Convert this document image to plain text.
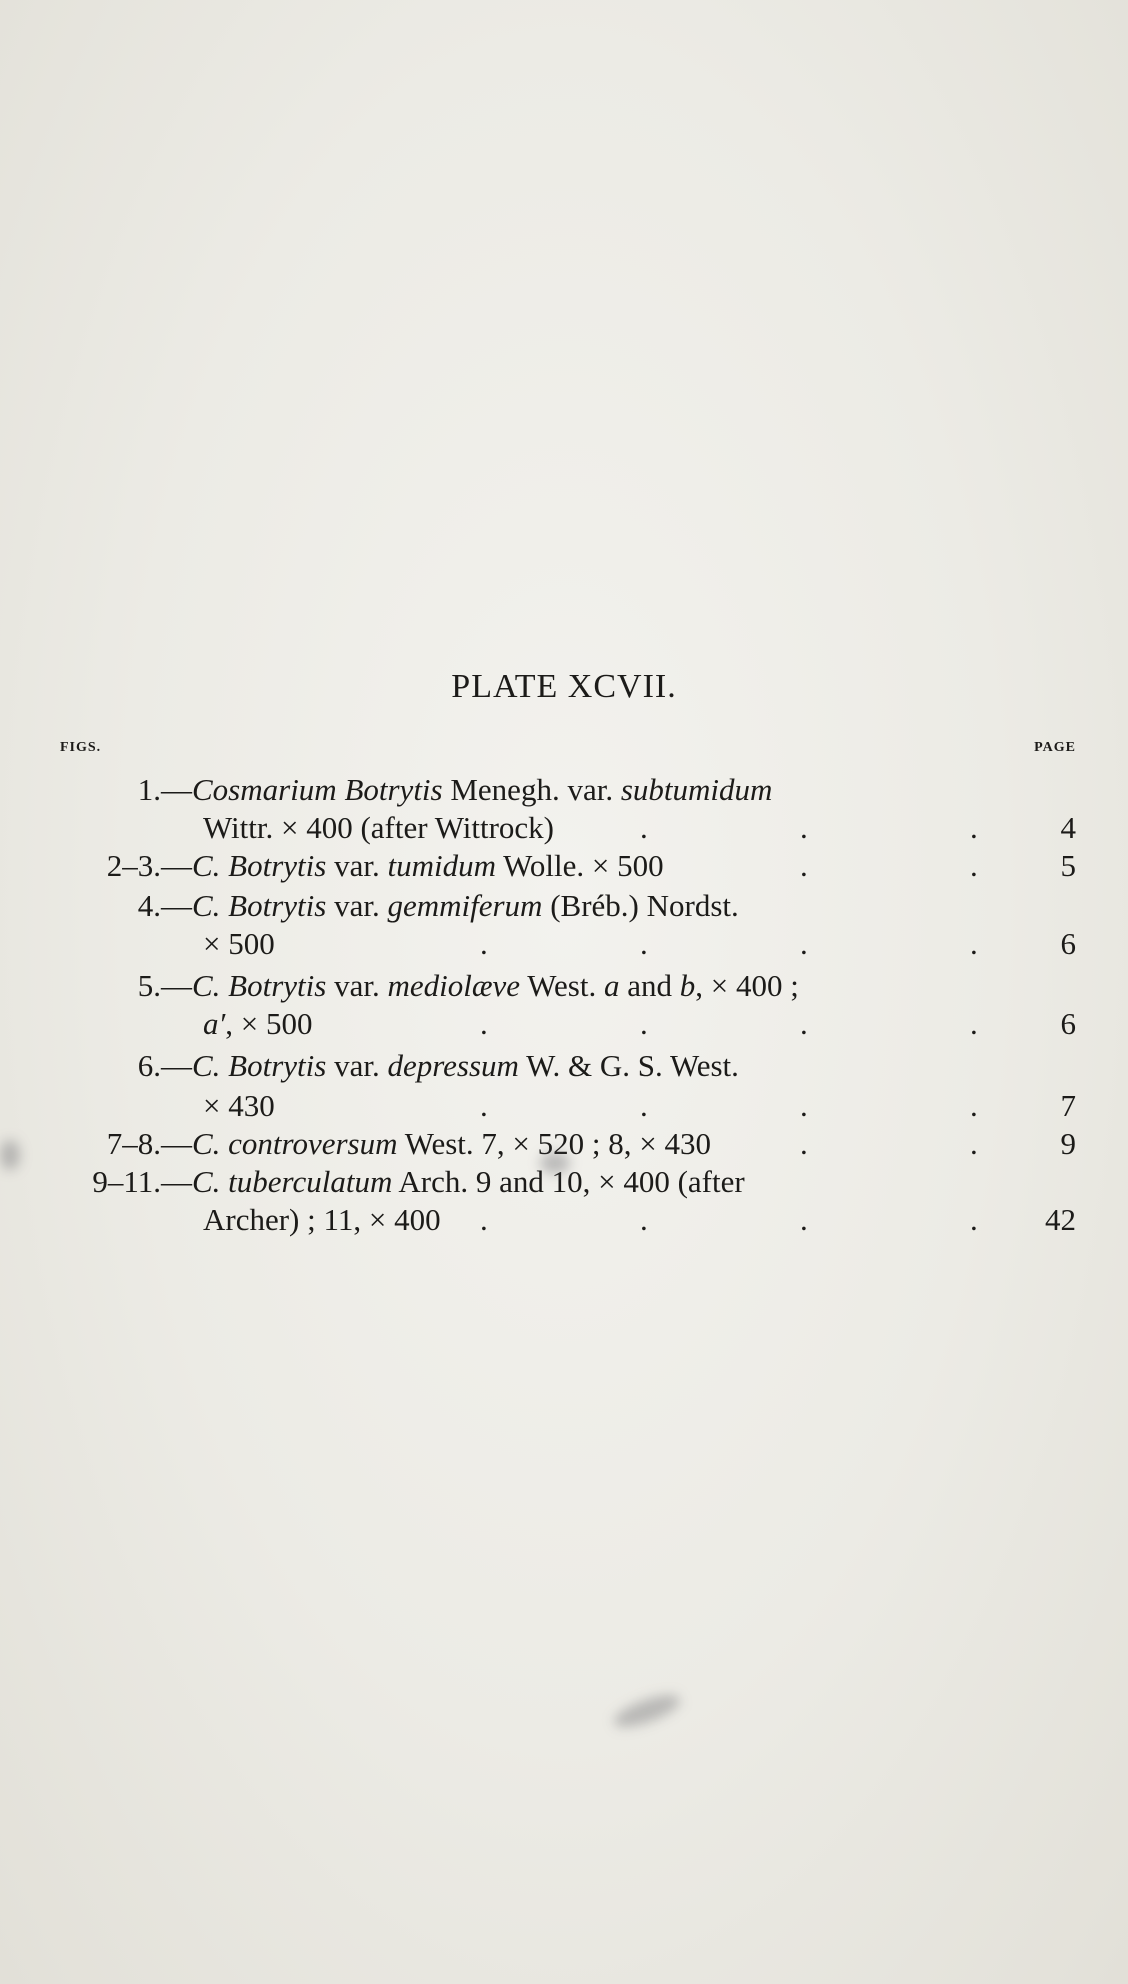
PLATE XCVII.
FIGS.	PAGE
1.— Cosmarium Botrytis Menegh. var. subtumidum
Wittr. × 400 (after Wittrock)	.	.	.	4
2–3.— C. Botrytis var. tumidum Wolle. × 500	.	.	5
4.— C. Botrytis var. gemmiferum (Bréb.) Nordst.
× 500	.	.	.	.	6
5.— C. Botrytis var. mediolæve West. a and b, × 400 ;
a′, × 500	.	.	.	.	6
6.— C. Botrytis var. depressum W. & G. S. West.
× 430	.	.	.	.	7
7–8.— C. controversum West. 7, × 520 ; 8, × 430	.	.	9
9–11.— C. tuberculatum Arch. 9 and 10, × 400 (after
Archer) ; 11, × 400 .	.	.	. 42
